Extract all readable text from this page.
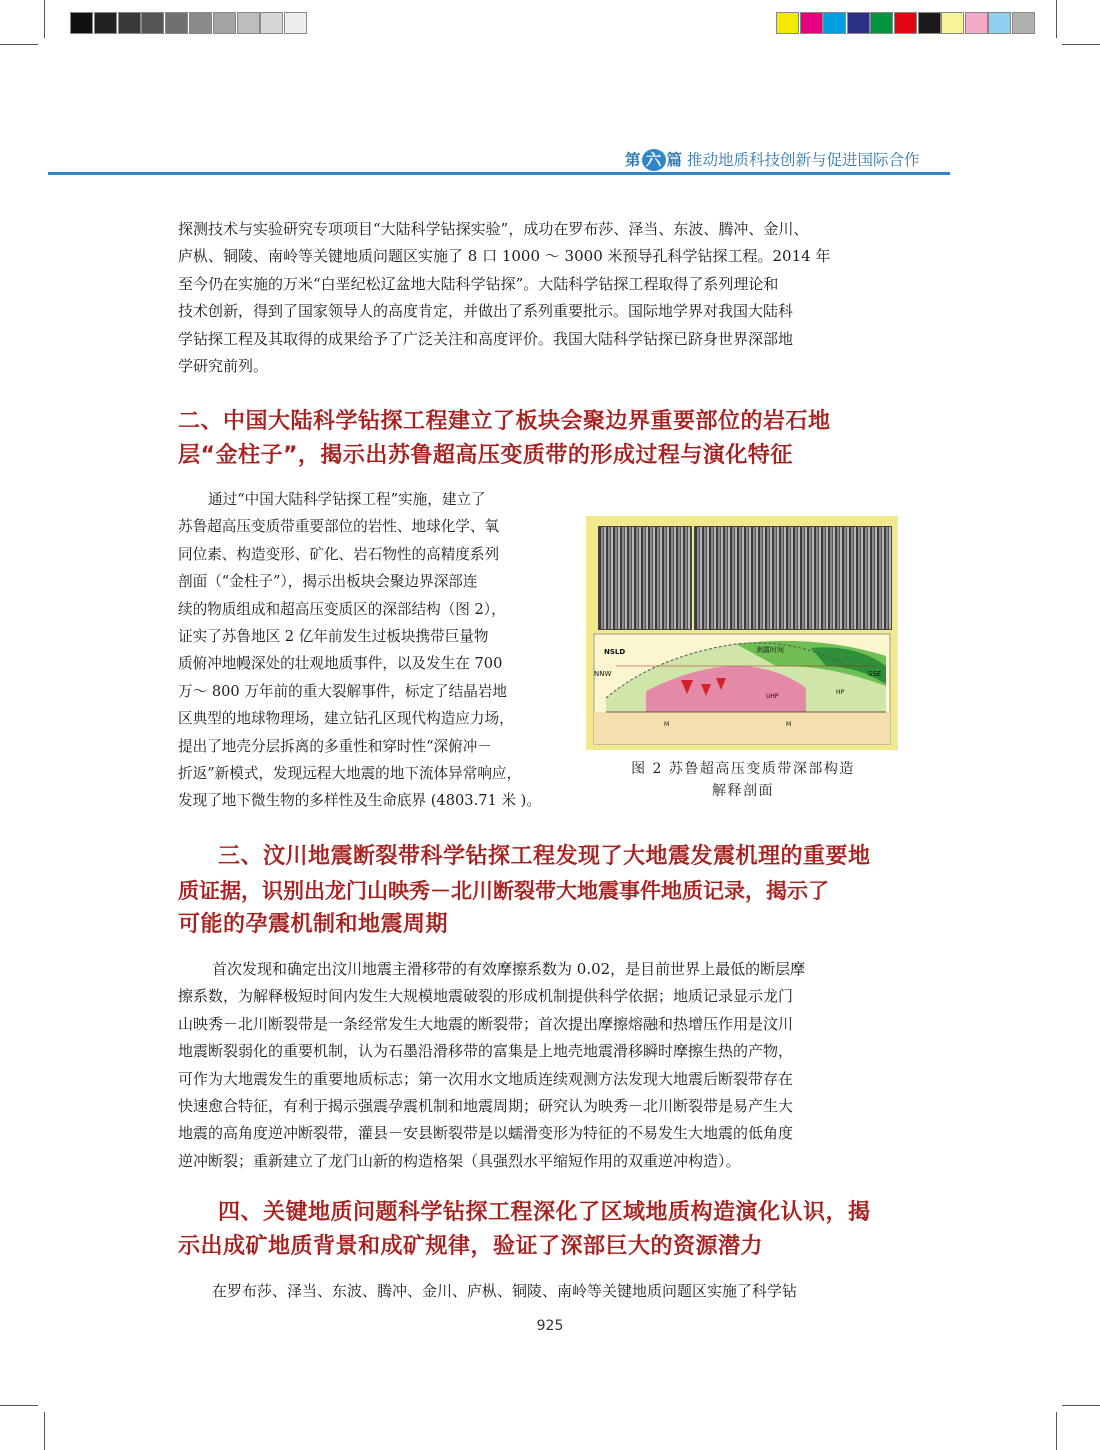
第 六 篇 推动地质科技创新与促进国际合作
探测技术与实验研究专项项目“大陆科学钻探实验”，成功在罗布莎、泽当、东波、腾冲、金川、
庐枞、铜陵、南岭等关键地质问题区实施了 8 口 1000 ～ 3000 米预导孔科学钻探工程。2014 年
至今仍在实施的万米“白垩纪松辽盆地大陆科学钻探”。大陆科学钻探工程取得了系列理论和
技术创新，得到了国家领导人的高度肯定，并做出了系列重要批示。国际地学界对我国大陆科
学钻探工程及其取得的成果给予了广泛关注和高度评价。我国大陆科学钻探已跻身世界深部地
学研究前列。
二、中国大陆科学钻探工程建立了板块会聚边界重要部位的岩石地
层“金柱子”，揭示出苏鲁超高压变质带的形成过程与演化特征
通过“中国大陆科学钻探工程”实施，建立了
苏鲁超高压变质带重要部位的岩性、地球化学、氧
同位素、构造变形、矿化、岩石物性的高精度系列
剖面（“金柱子”），揭示出板块会聚边界深部连
续的物质组成和超高压变质区的深部结构（图 2），
证实了苏鲁地区 2 亿年前发生过板块携带巨量物
质俯冲地幔深处的壮观地质事件，以及发生在 700
万～ 800 万年前的重大裂解事件，标定了结晶岩地
区典型的地球物理场，建立钻孔区现代构造应力场，
提出了地壳分层拆离的多重性和穿时性“深俯冲－
折返”新模式，发现远程大地震的地下流体异常响应，
发现了地下微生物的多样性及生命底界 (4803.71 米 )。
NSLD
NNW	SSE
剥露时间
UHP
HP
M	M
图 2 苏鲁超高压变质带深部构造
解释剖面
三、汶川地震断裂带科学钻探工程发现了大地震发震机理的重要地
质证据，识别出龙门山映秀－北川断裂带大地震事件地质记录，揭示了
可能的孕震机制和地震周期
首次发现和确定出汶川地震主滑移带的有效摩擦系数为 0.02，是目前世界上最低的断层摩
擦系数，为解释极短时间内发生大规模地震破裂的形成机制提供科学依据；地质记录显示龙门
山映秀－北川断裂带是一条经常发生大地震的断裂带；首次提出摩擦熔融和热增压作用是汶川
地震断裂弱化的重要机制，认为石墨沿滑移带的富集是上地壳地震滑移瞬时摩擦生热的产物，
可作为大地震发生的重要地质标志；第一次用水文地质连续观测方法发现大地震后断裂带存在
快速愈合特征，有利于揭示强震孕震机制和地震周期；研究认为映秀－北川断裂带是易产生大
地震的高角度逆冲断裂带，灌县－安县断裂带是以蠕滑变形为特征的不易发生大地震的低角度
逆冲断裂；重新建立了龙门山新的构造格架（具强烈水平缩短作用的双重逆冲构造）。
四、关键地质问题科学钻探工程深化了区域地质构造演化认识，揭
示出成矿地质背景和成矿规律，验证了深部巨大的资源潜力
在罗布莎、泽当、东波、腾冲、金川、庐枞、铜陵、南岭等关键地质问题区实施了科学钻
925
